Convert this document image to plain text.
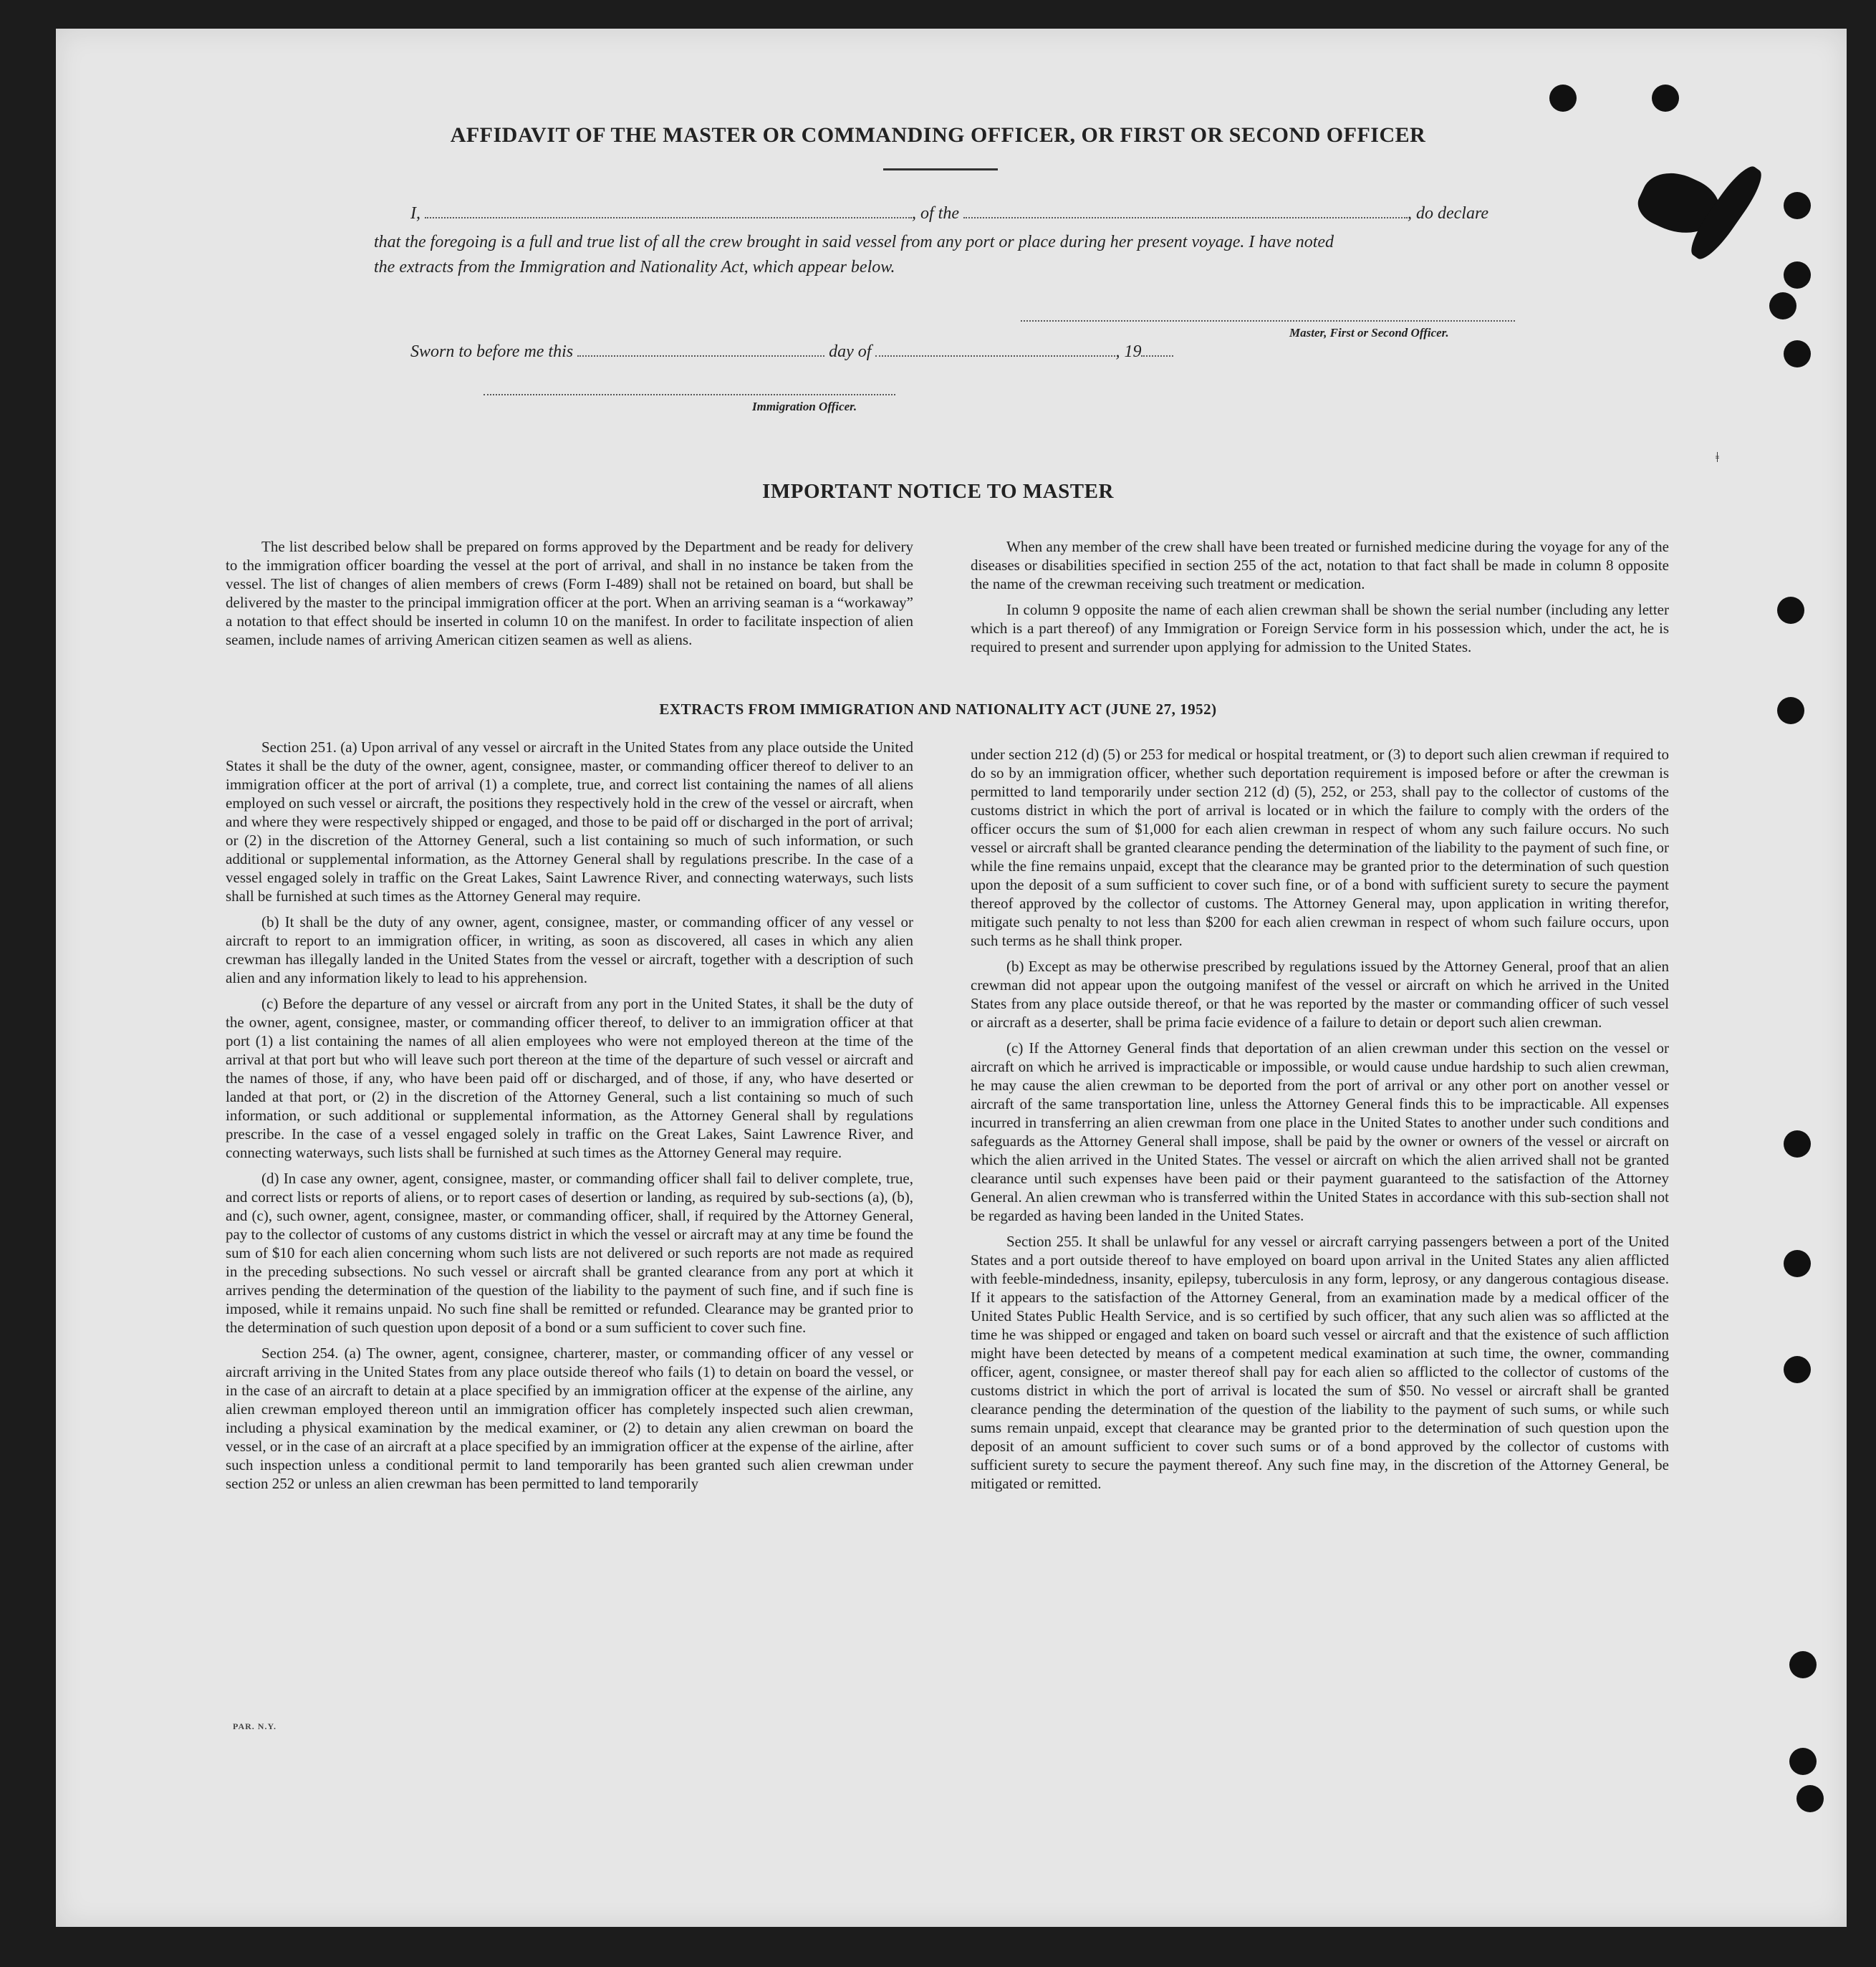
AFFIDAVIT OF THE MASTER OR COMMANDING OFFICER, OR FIRST OR SECOND OFFICER
I,	, of the	, do declare
that the foregoing is a full and true list of all the crew brought in said vessel from any port or place during her present voyage. I have noted
the extracts from the Immigration and Nationality Act, which appear below.
Master, First or Second Officer.
Sworn to before me this	day of	, 19
Immigration Officer.
IMPORTANT NOTICE TO MASTER

The list described below shall be prepared on forms approved by the Department and be ready for delivery to the immigration officer boarding the vessel at the port of arrival, and shall in no instance be taken from the vessel. The list of changes of alien members of crews (Form I-489) shall not be retained on board, but shall be delivered by the master to the principal immigration officer at the port. When an arriving seaman is a “workaway” a notation to that effect should be inserted in column 10 on the manifest. In order to facilitate inspection of alien seamen, include names of arriving American citizen seamen as well as aliens.

When any member of the crew shall have been treated or furnished medicine during the voyage for any of the diseases or disabilities specified in section 255 of the act, notation to that fact shall be made in column 8 opposite the name of the crewman receiving such treatment or medication.

In column 9 opposite the name of each alien crewman shall be shown the serial number (including any letter which is a part thereof) of any Immigration or Foreign Service form in his possession which, under the act, he is required to present and surrender upon applying for admission to the United States.

EXTRACTS FROM IMMIGRATION AND NATIONALITY ACT (JUNE 27, 1952)

Section 251. (a) Upon arrival of any vessel or aircraft in the United States from any place outside the United States it shall be the duty of the owner, agent, consignee, master, or commanding officer thereof to deliver to an immigration officer at the port of arrival (1) a complete, true, and correct list containing the names of all aliens employed on such vessel or aircraft, the positions they respectively hold in the crew of the vessel or aircraft, when and where they were respectively shipped or engaged, and those to be paid off or discharged in the port of arrival; or (2) in the discretion of the Attorney General, such a list containing so much of such information, or such additional or supplemental information, as the Attorney General shall by regulations prescribe. In the case of a vessel engaged solely in traffic on the Great Lakes, Saint Lawrence River, and connecting waterways, such lists shall be furnished at such times as the Attorney General may require.

(b) It shall be the duty of any owner, agent, consignee, master, or commanding officer of any vessel or aircraft to report to an immigration officer, in writing, as soon as discovered, all cases in which any alien crewman has illegally landed in the United States from the vessel or aircraft, together with a description of such alien and any information likely to lead to his apprehension.

(c) Before the departure of any vessel or aircraft from any port in the United States, it shall be the duty of the owner, agent, consignee, master, or commanding officer thereof, to deliver to an immigration officer at that port (1) a list containing the names of all alien employees who were not employed thereon at the time of the arrival at that port but who will leave such port thereon at the time of the departure of such vessel or aircraft and the names of those, if any, who have been paid off or discharged, and of those, if any, who have deserted or landed at that port, or (2) in the discretion of the Attorney General, such a list containing so much of such information, or such additional or supplemental information, as the Attorney General shall by regulations prescribe. In the case of a vessel engaged solely in traffic on the Great Lakes, Saint Lawrence River, and connecting waterways, such lists shall be furnished at such times as the Attorney General may require.

(d) In case any owner, agent, consignee, master, or commanding officer shall fail to deliver complete, true, and correct lists or reports of aliens, or to report cases of desertion or landing, as required by sub-sections (a), (b), and (c), such owner, agent, consignee, master, or commanding officer, shall, if required by the Attorney General, pay to the collector of customs of any customs district in which the vessel or aircraft may at any time be found the sum of $10 for each alien concerning whom such lists are not delivered or such reports are not made as required in the preceding subsections. No such vessel or aircraft shall be granted clearance from any port at which it arrives pending the determination of the question of the liability to the payment of such fine, and if such fine is imposed, while it remains unpaid. No such fine shall be remitted or refunded. Clearance may be granted prior to the determination of such question upon deposit of a bond or a sum sufficient to cover such fine.

Section 254. (a) The owner, agent, consignee, charterer, master, or commanding officer of any vessel or aircraft arriving in the United States from any place outside thereof who fails (1) to detain on board the vessel, or in the case of an aircraft to detain at a place specified by an immigration officer at the expense of the airline, any alien crewman employed thereon until an immigration officer has completely inspected such alien crewman, including a physical examination by the medical examiner, or (2) to detain any alien crewman on board the vessel, or in the case of an aircraft at a place specified by an immigration officer at the expense of the airline, after such inspection unless a conditional permit to land temporarily has been granted such alien crewman under section 252 or unless an alien crewman has been permitted to land temporarily

under section 212 (d) (5) or 253 for medical or hospital treatment, or (3) to deport such alien crewman if required to do so by an immigration officer, whether such deportation requirement is imposed before or after the crewman is permitted to land temporarily under section 212 (d) (5), 252, or 253, shall pay to the collector of customs of the customs district in which the port of arrival is located or in which the failure to comply with the orders of the officer occurs the sum of $1,000 for each alien crewman in respect of whom any such failure occurs. No such vessel or aircraft shall be granted clearance pending the determination of the liability to the payment of such fine, or while the fine remains unpaid, except that the clearance may be granted prior to the determination of such question upon the deposit of a sum sufficient to cover such fine, or of a bond with sufficient surety to secure the payment thereof approved by the collector of customs. The Attorney General may, upon application in writing therefor, mitigate such penalty to not less than $200 for each alien crewman in respect of whom such failure occurs, upon such terms as he shall think proper.

(b) Except as may be otherwise prescribed by regulations issued by the Attorney General, proof that an alien crewman did not appear upon the outgoing manifest of the vessel or aircraft on which he arrived in the United States from any place outside thereof, or that he was reported by the master or commanding officer of such vessel or aircraft as a deserter, shall be prima facie evidence of a failure to detain or deport such alien crewman.

(c) If the Attorney General finds that deportation of an alien crewman under this section on the vessel or aircraft on which he arrived is impracticable or impossible, or would cause undue hardship to such alien crewman, he may cause the alien crewman to be deported from the port of arrival or any other port on another vessel or aircraft of the same transportation line, unless the Attorney General finds this to be impracticable. All expenses incurred in transferring an alien crewman from one place in the United States to another under such conditions and safeguards as the Attorney General shall impose, shall be paid by the owner or owners of the vessel or aircraft on which the alien arrived in the United States. The vessel or aircraft on which the alien arrived shall not be granted clearance until such expenses have been paid or their payment guaranteed to the satisfaction of the Attorney General. An alien crewman who is transferred within the United States in accordance with this sub-section shall not be regarded as having been landed in the United States.

Section 255. It shall be unlawful for any vessel or aircraft carrying passengers between a port of the United States and a port outside thereof to have employed on board upon arrival in the United States any alien afflicted with feeble-mindedness, insanity, epilepsy, tuberculosis in any form, leprosy, or any dangerous contagious disease. If it appears to the satisfaction of the Attorney General, from an examination made by a medical officer of the United States Public Health Service, and is so certified by such officer, that any such alien was so afflicted at the time he was shipped or engaged and taken on board such vessel or aircraft and that the existence of such affliction might have been detected by means of a competent medical examination at such time, the owner, commanding officer, agent, consignee, or master thereof shall pay for each alien so afflicted to the collector of customs of the customs district in which the port of arrival is located the sum of $50. No vessel or aircraft shall be granted clearance pending the determination of the question of the liability to the payment of such sums, or while such sums remain unpaid, except that clearance may be granted prior to the determination of such question upon the deposit of an amount sufficient to cover such sums or of a bond approved by the collector of customs with sufficient surety to secure the payment thereof. Any such fine may, in the discretion of the Attorney General, be mitigated or remitted.

PAR. N.Y.
ǂ
